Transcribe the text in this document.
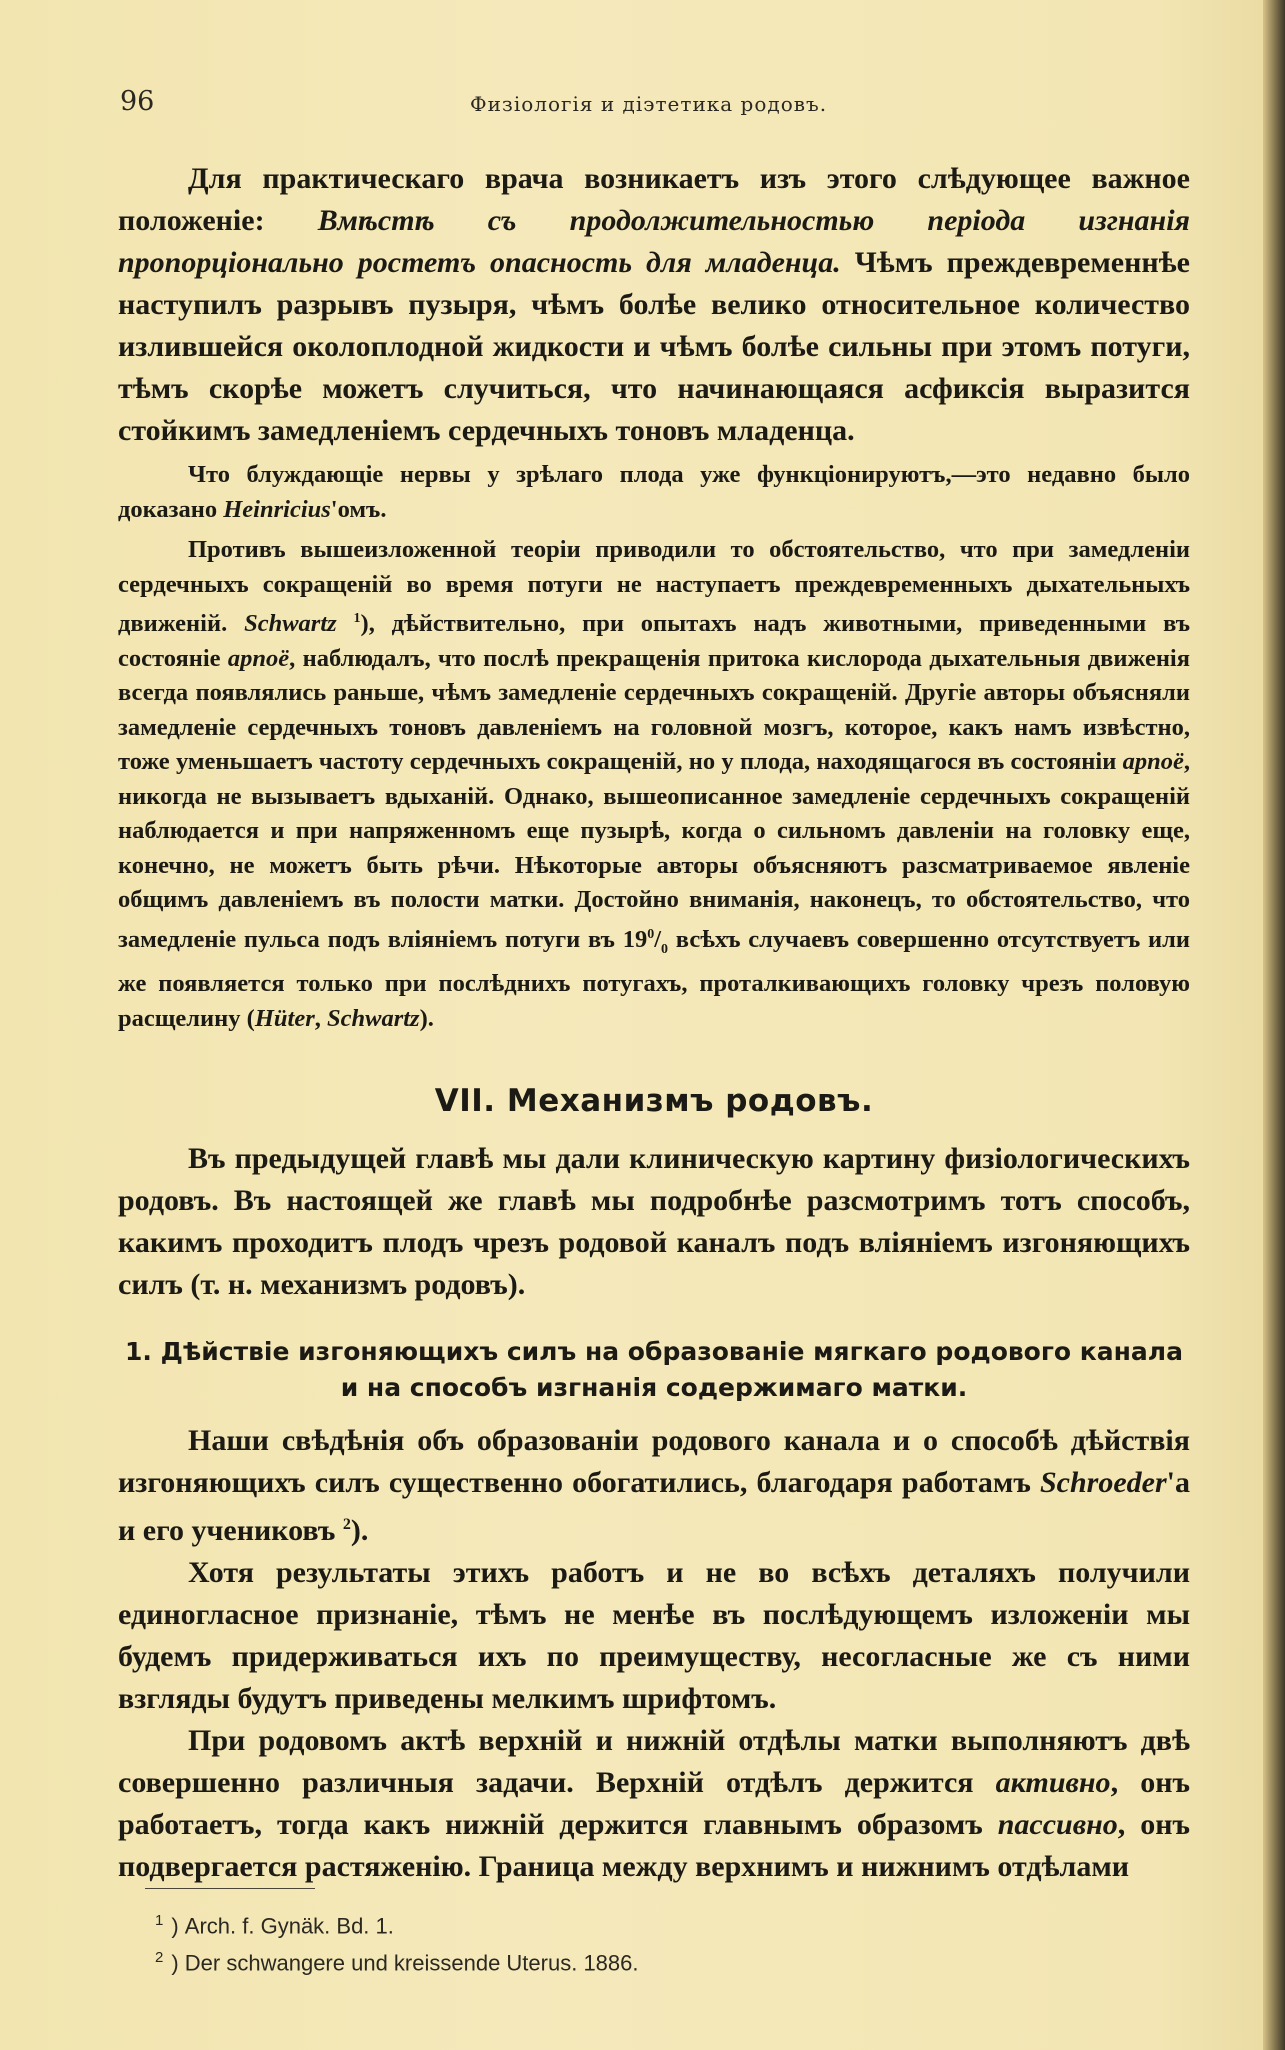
96	Физіологія и діэтетика родовъ.

Для практическаго врача возникаетъ изъ этого слѣдующее важное положеніе: Вмѣстѣ съ продолжительностью періода изгнанія пропорціонально ростетъ опасность для младенца. Чѣмъ преждевременнѣе наступилъ разрывъ пузыря, чѣмъ болѣе велико относительное количество излившейся околоплодной жидкости и чѣмъ болѣе сильны при этомъ потуги, тѣмъ скорѣе можетъ случиться, что начинающаяся асфиксія выразится стойкимъ замедленіемъ сердечныхъ тоновъ младенца.

Что блуждающіе нервы у зрѣлаго плода уже функціонируютъ,—это недавно было доказано Heinricius'омъ.

Противъ вышеизложенной теоріи приводили то обстоятельство, что при замедленіи сердечныхъ сокращеній во время потуги не наступаетъ преждевременныхъ дыхательныхъ движеній. Schwartz $^1$), дѣйствительно, при опытахъ надъ животными, приведенными въ состояніе apnoë, наблюдалъ, что послѣ прекращенія притока кислорода дыхательныя движенія всегда появлялись раньше, чѣмъ замедленіе сердечныхъ сокращеній. Другіе авторы объясняли замедленіе сердечныхъ тоновъ давленіемъ на головной мозгъ, которое, какъ намъ извѣстно, тоже уменьшаетъ частоту сердечныхъ сокращеній, но у плода, находящагося въ состояніи apnoë, никогда не вызываетъ вдыханій. Однако, вышеописанное замедленіе сердечныхъ сокращеній наблюдается и при напряженномъ еще пузырѣ, когда о сильномъ давленіи на головку еще, конечно, не можетъ быть рѣчи. Нѣкоторые авторы объясняютъ разсматриваемое явленіе общимъ давленіемъ въ полости матки. Достойно вниманія, наконецъ, то обстоятельство, что замедленіе пульса подъ вліяніемъ потуги въ $19^0/_0$ всѣхъ случаевъ совершенно отсутствуетъ или же появляется только при послѣднихъ потугахъ, проталкивающихъ головку чрезъ половую расщелину (Hüter, Schwartz).

VII. Механизмъ родовъ.

Въ предыдущей главѣ мы дали клиническую картину физіологическихъ родовъ. Въ настоящей же главѣ мы подробнѣе разсмотримъ тотъ способъ, какимъ проходитъ плодъ чрезъ родовой каналъ подъ вліяніемъ изгоняющихъ силъ (т. н. механизмъ родовъ).

1. Дѣйствіе изгоняющихъ силъ на образованіе мягкаго родового канала
и на способъ изгнанія содержимаго матки.

Наши свѣдѣнія объ образованіи родового канала и о способѣ дѣйствія изгоняющихъ силъ существенно обогатились, благодаря работамъ Schroeder'а и его учениковъ $^2$).

Хотя результаты этихъ работъ и не во всѣхъ деталяхъ получили единогласное признаніе, тѣмъ не менѣе въ послѣдующемъ изложеніи мы будемъ придерживаться ихъ по преимуществу, несогласные же съ ними взгляды будутъ приведены мелкимъ шрифтомъ.

При родовомъ актѣ верхній и нижній отдѣлы матки выполняютъ двѣ совершенно различныя задачи. Верхній отдѣлъ держится активно, онъ работаетъ, тогда какъ нижній держится главнымъ образомъ пассивно, онъ подвергается растяженію. Граница между верхнимъ и нижнимъ отдѣлами

$^1$ ) Arch. f. Gynäk. Bd. 1.
$^2$ ) Der schwangere und kreissende Uterus. 1886.
